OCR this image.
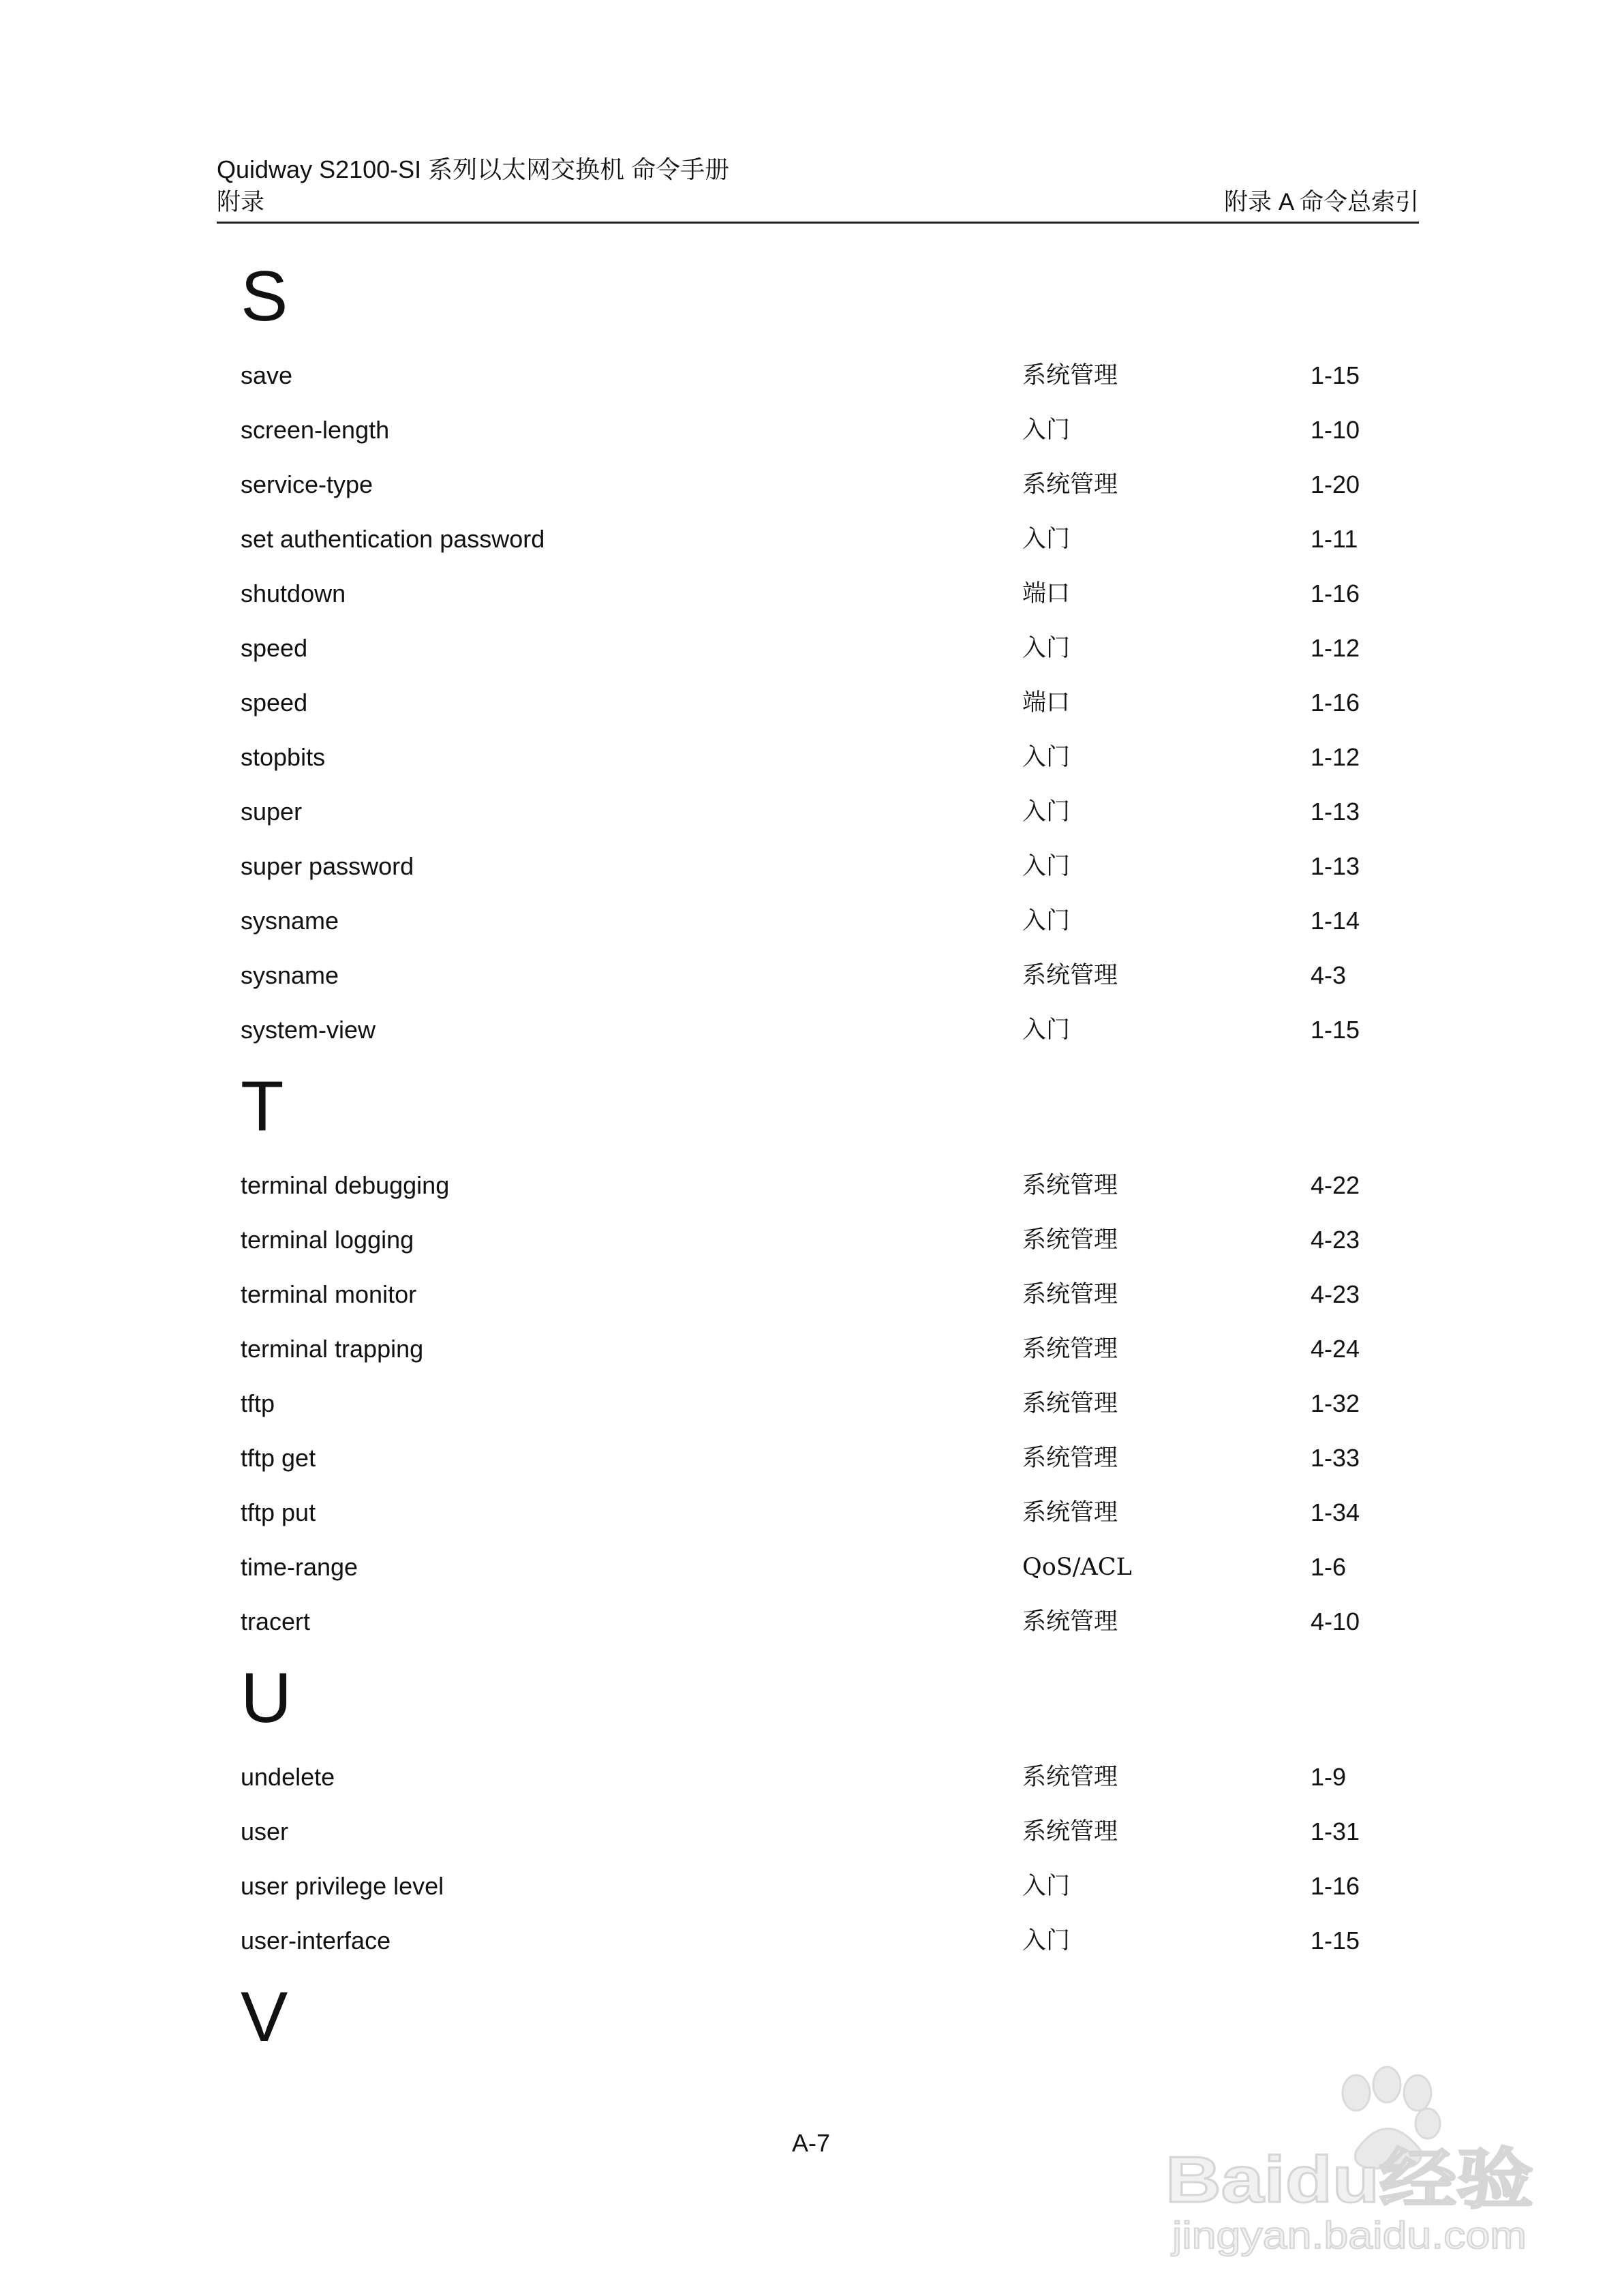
Quidway S2100-SI 系列以太网交换机 命令手册
附录	附录 A 命令总索引
S
save	系统管理	1-15
screen-length	入门	1-10
service-type	系统管理	1-20
set authentication password	入门	1-11
shutdown	端口	1-16
speed	入门	1-12
speed	端口	1-16
stopbits	入门	1-12
super	入门	1-13
super password	入门	1-13
sysname	入门	1-14
sysname	系统管理	4-3
system-view	入门	1-15
T
terminal debugging	系统管理	4-22
terminal logging	系统管理	4-23
terminal monitor	系统管理	4-23
terminal trapping	系统管理	4-24
tftp	系统管理	1-32
tftp get	系统管理	1-33
tftp put	系统管理	1-34
time-range	QoS/ACL	1-6
tracert	系统管理	4-10
U
undelete	系统管理	1-9
user	系统管理	1-31
user privilege level	入门	1-16
user-interface	入门	1-15
V
A-7
Baidu经验
jingyan.baidu.com
